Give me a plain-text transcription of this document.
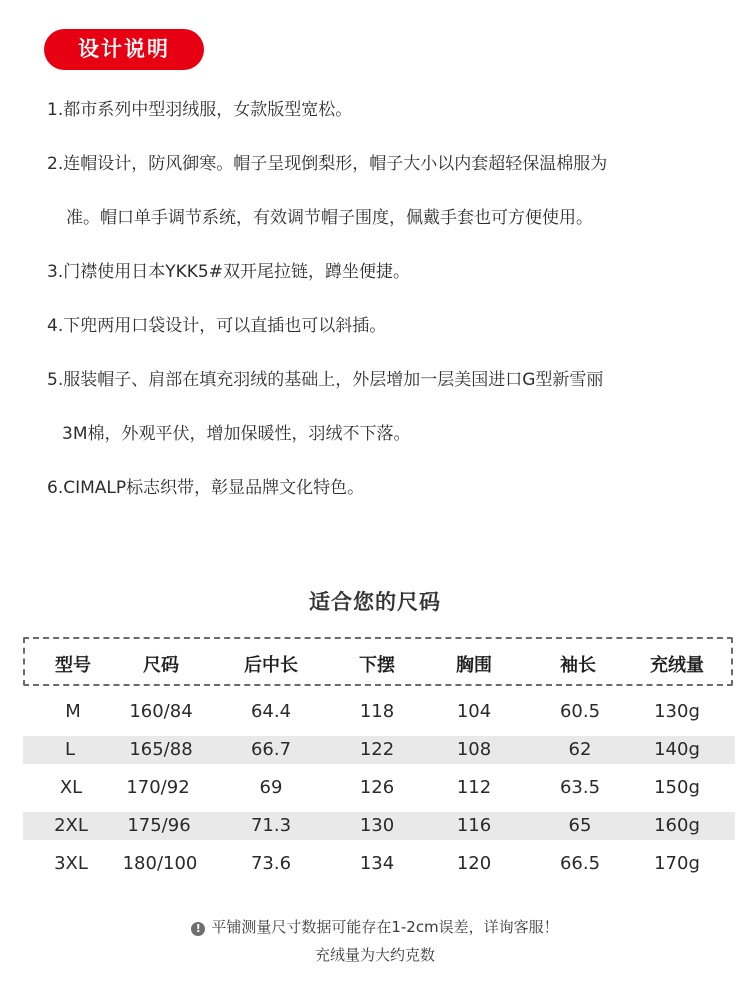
设计说明
1.都市系列中型羽绒服，女款版型宽松。
2.连帽设计，防风御寒。帽子呈现倒梨形，帽子大小以内套超轻保温棉服为
准。帽口单手调节系统，有效调节帽子围度，佩戴手套也可方便使用。
3.门襟使用日本YKK5#双开尾拉链，蹲坐便捷。
4.下兜两用口袋设计，可以直插也可以斜插。
5.服装帽子、肩部在填充羽绒的基础上，外层增加一层美国进口G型新雪丽
3M棉，外观平伏，增加保暖性，羽绒不下落。
6.CIMALP标志织带，彰显品牌文化特色。
适合您的尺码
型号	尺码	后中长	下摆	胸围	袖长	充绒量
M	160/84	64.4	118	104	60.5	130g
L	165/88	66.7	122	108	62	140g
XL	170/92	69	126	112	63.5	150g
2XL	175/96	71.3	130	116	65	160g
3XL	180/100	73.6	134	120	66.5	170g
! 平铺测量尺寸数据可能存在1-2cm误差，详询客服！
充绒量为大约克数
